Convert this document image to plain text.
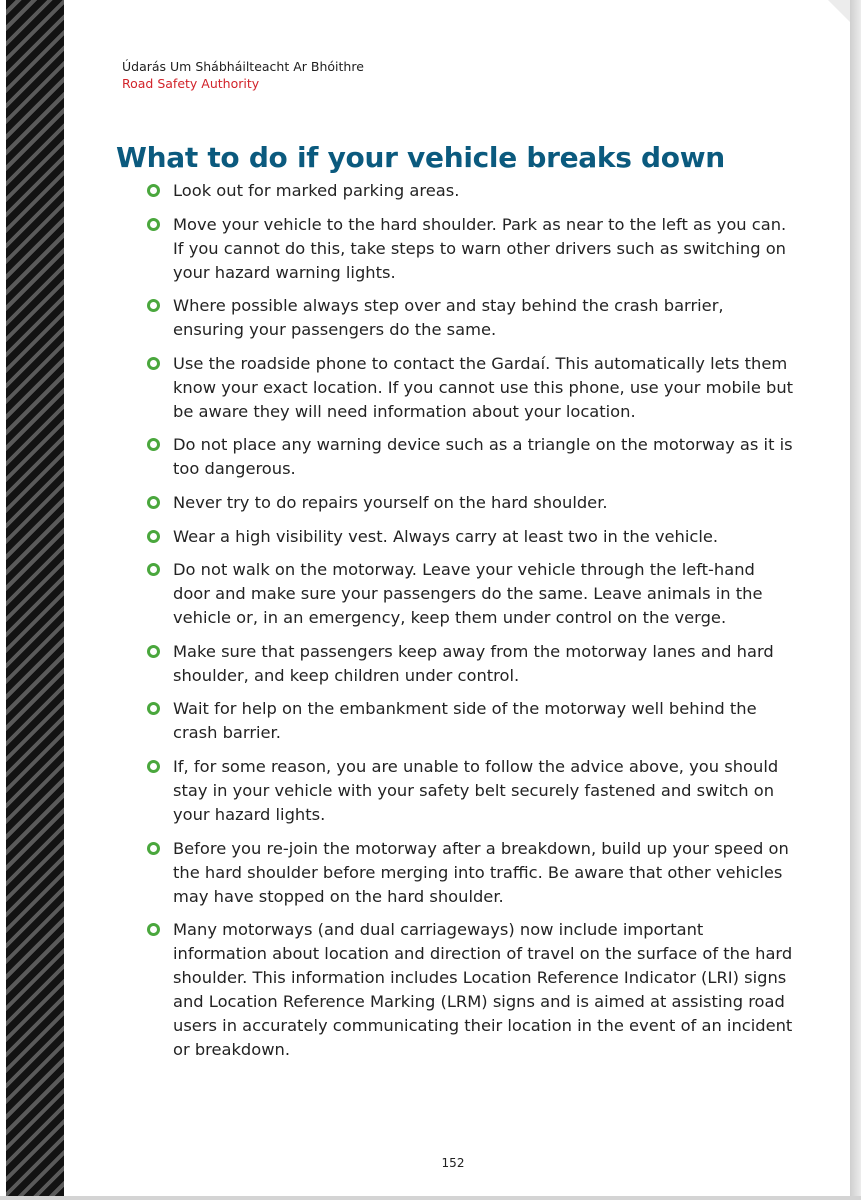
Údarás Um Shábháilteacht Ar Bhóithre
Road Safety Authority
What to do if your vehicle breaks down
Look out for marked parking areas.
Move your vehicle to the hard shoulder. Park as near to the left as you can. If you cannot do this, take steps to warn other drivers such as switching on your hazard warning lights.
Where possible always step over and stay behind the crash barrier, ensuring your passengers do the same.
Use the roadside phone to contact the Gardaí. This automatically lets them know your exact location. If you cannot use this phone, use your mobile but be aware they will need information about your location.
Do not place any warning device such as a triangle on the motorway as it is too dangerous.
Never try to do repairs yourself on the hard shoulder.
Wear a high visibility vest. Always carry at least two in the vehicle.
Do not walk on the motorway. Leave your vehicle through the left-hand door and make sure your passengers do the same. Leave animals in the vehicle or, in an emergency, keep them under control on the verge.
Make sure that passengers keep away from the motorway lanes and hard shoulder, and keep children under control.
Wait for help on the embankment side of the motorway well behind the crash barrier.
If, for some reason, you are unable to follow the advice above, you should stay in your vehicle with your safety belt securely fastened and switch on your hazard lights.
Before you re-join the motorway after a breakdown, build up your speed on the hard shoulder before merging into traffic. Be aware that other vehicles may have stopped on the hard shoulder.
Many motorways (and dual carriageways) now include important information about location and direction of travel on the surface of the hard shoulder. This information includes Location Reference Indicator (LRI) signs and Location Reference Marking (LRM) signs and is aimed at assisting road users in accurately communicating their location in the event of an incident or breakdown.
152
